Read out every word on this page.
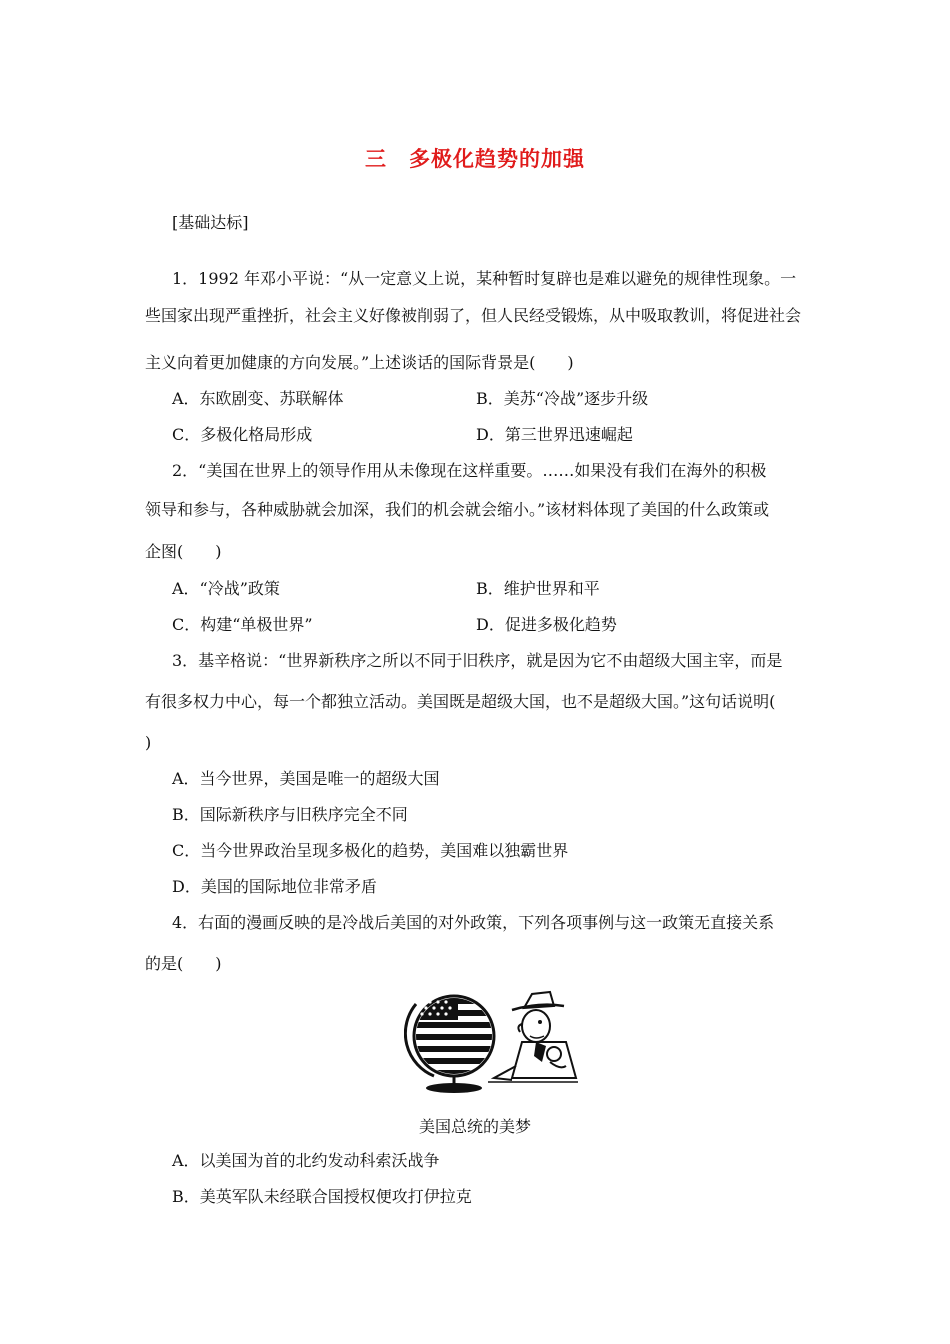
三　多极化趋势的加强
[基础达标]
1．1992 年邓小平说：“从一定意义上说，某种暂时复辟也是难以避免的规律性现象。一
些国家出现严重挫折，社会主义好像被削弱了，但人民经受锻炼，从中吸取教训，将促进社会
主义向着更加健康的方向发展。”上述谈话的国际背景是(　　)
A．东欧剧变、苏联解体	B．美苏“冷战”逐步升级
C．多极化格局形成	D．第三世界迅速崛起
2．“美国在世界上的领导作用从未像现在这样重要。……如果没有我们在海外的积极
领导和参与，各种威胁就会加深，我们的机会就会缩小。”该材料体现了美国的什么政策或
企图(　　)
A．“冷战”政策	B．维护世界和平
C．构建“单极世界”	D．促进多极化趋势
3．基辛格说：“世界新秩序之所以不同于旧秩序，就是因为它不由超级大国主宰，而是
有很多权力中心，每一个都独立活动。美国既是超级大国，也不是超级大国。”这句话说明(
)
A．当今世界，美国是唯一的超级大国
B．国际新秩序与旧秩序完全不同
C．当今世界政治呈现多极化的趋势，美国难以独霸世界
D．美国的国际地位非常矛盾
4．右面的漫画反映的是冷战后美国的对外政策，下列各项事例与这一政策无直接关系
的是(　　)
美国总统的美梦
A．以美国为首的北约发动科索沃战争
B．美英军队未经联合国授权便攻打伊拉克
